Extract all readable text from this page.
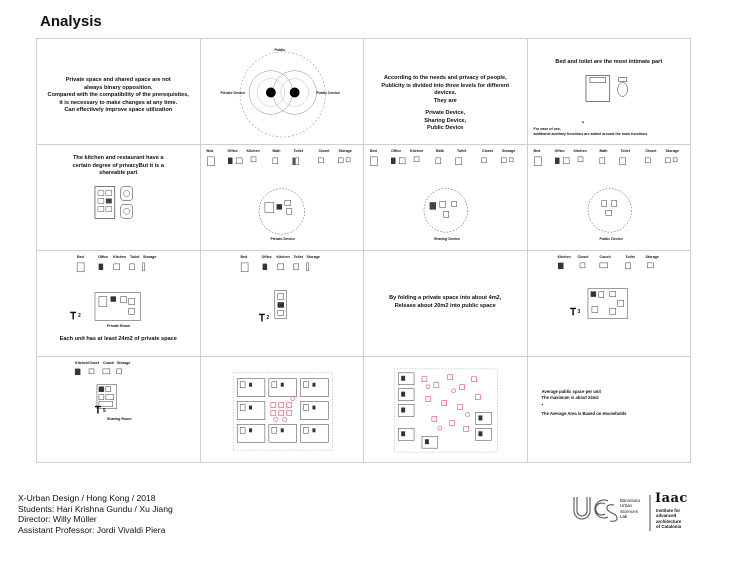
Analysis
Private space and shared space are not
always binary opposition.
Compared with the compatibility of the prerequisites,
it is necessary to make changes at any time.
Can effectively improve space utilization
Public
Private Device	Public Device
According to the needs and privacy of people,
Publicity is divided into three levels for different devices.
They are
Private Device,
Sharing Device,
Public Device
Bed and toilet are the most intimate part
For ease of use,
additional auxiliary functions are added around the main functions
The kitchen and restaurant have a
certain degree of privacyBut it is a
shareable part
Bed	Office Kitchen	Bath	Toilet	Closet	Storage
Private Device
Bed	Office Kitchen	Bath	Toilet	Closet	Storage
Sharing Device
Bed	Office Kitchen	Bath	Toilet	Closet	Storage
Public Device
Bed	Office Kitchen Toilet Storage
2
Private Room
Each unit has at least 24m2 of private space
Bed	Office Kitchen Toilet Storage
2
By folding a private space into about 4m2,
Release about 20m2 into public space
Kitchen Closet	Couch	Toilet	Storage
3
Kitchen Closet Couch Storage
5
Sharing Room
Average public space per unit
The maximum is about 24m2
The Average Area is Based on Households
X-Urban Design / Hong Kong / 2018
Students: Hari Krishna Gundu / Xu Jiang
Director: Willy Müller
Assistant Professor: Jordi Vivaldi Piera
Barcelona
Urban
Sciences
Lab
Iaac
Institute for
advanced
architecture
of Catalonia
